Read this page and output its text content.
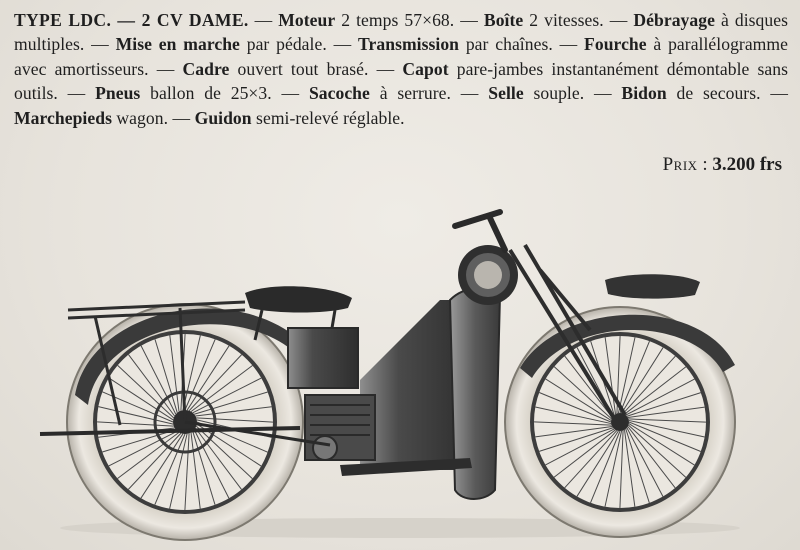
TYPE LDC. — 2 CV DAME. — Moteur 2 temps 57×68. — Boîte 2 vitesses. — Débrayage à disques multiples. — Mise en marche par pédale. — Transmission par chaînes. — Fourche à parallélogramme avec amortisseurs. — Cadre ouvert tout brasé. — Capot pare-jambes instantanément démontable sans outils. — Pneus ballon de 25×3. — Sacoche à serrure. — Selle souple. — Bidon de secours. — Marchepieds wagon. — Guidon semi-relevé réglable.
Prix : 3.200 frs
